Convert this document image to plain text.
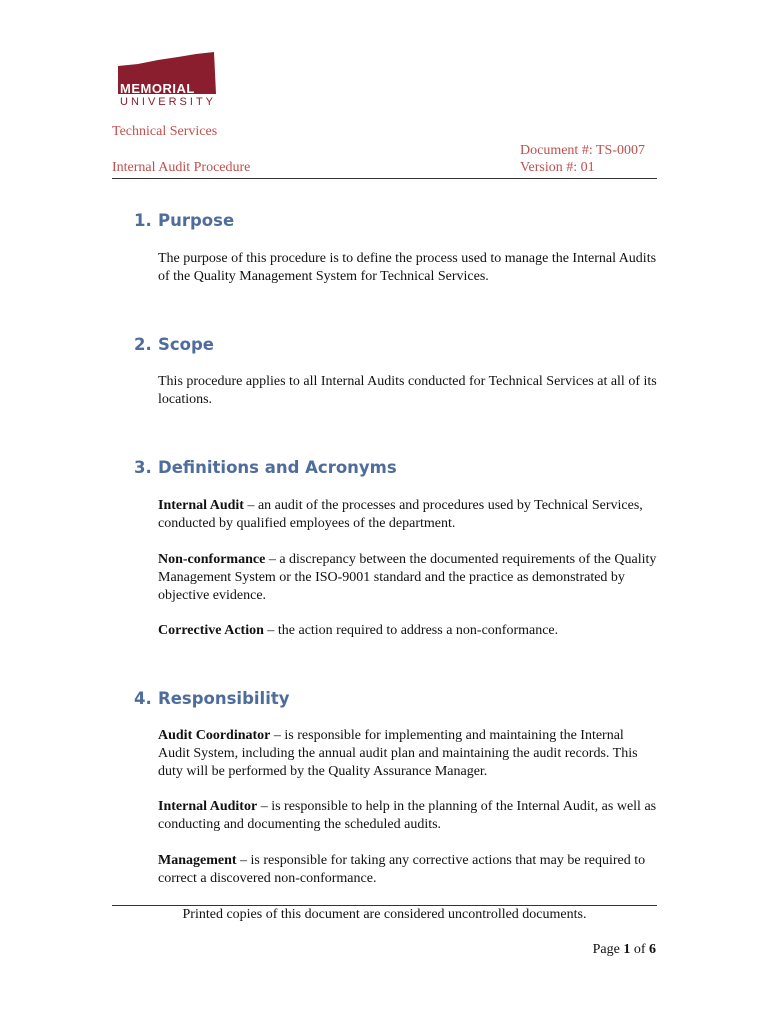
MEMORIAL
UNIVERSITY
Technical Services
Document #: TS-0007
Internal Audit Procedure	Version #: 01
1. Purpose

The purpose of this procedure is to define the process used to manage the Internal Audits of the Quality Management System for Technical Services.

2. Scope

This procedure applies to all Internal Audits conducted for Technical Services at all of its locations.

3. Definitions and Acronyms

Internal Audit – an audit of the processes and procedures used by Technical Services, conducted by qualified employees of the department.

Non-conformance – a discrepancy between the documented requirements of the Quality Management System or the ISO-9001 standard and the practice as demonstrated by objective evidence.

Corrective Action – the action required to address a non-conformance.

4. Responsibility

Audit Coordinator – is responsible for implementing and maintaining the Internal Audit System, including the annual audit plan and maintaining the audit records. This duty will be performed by the Quality Assurance Manager.

Internal Auditor – is responsible to help in the planning of the Internal Audit, as well as conducting and documenting the scheduled audits.

Management – is responsible for taking any corrective actions that may be required to correct a discovered non-conformance.

Printed copies of this document are considered uncontrolled documents.
Page 1 of 6
